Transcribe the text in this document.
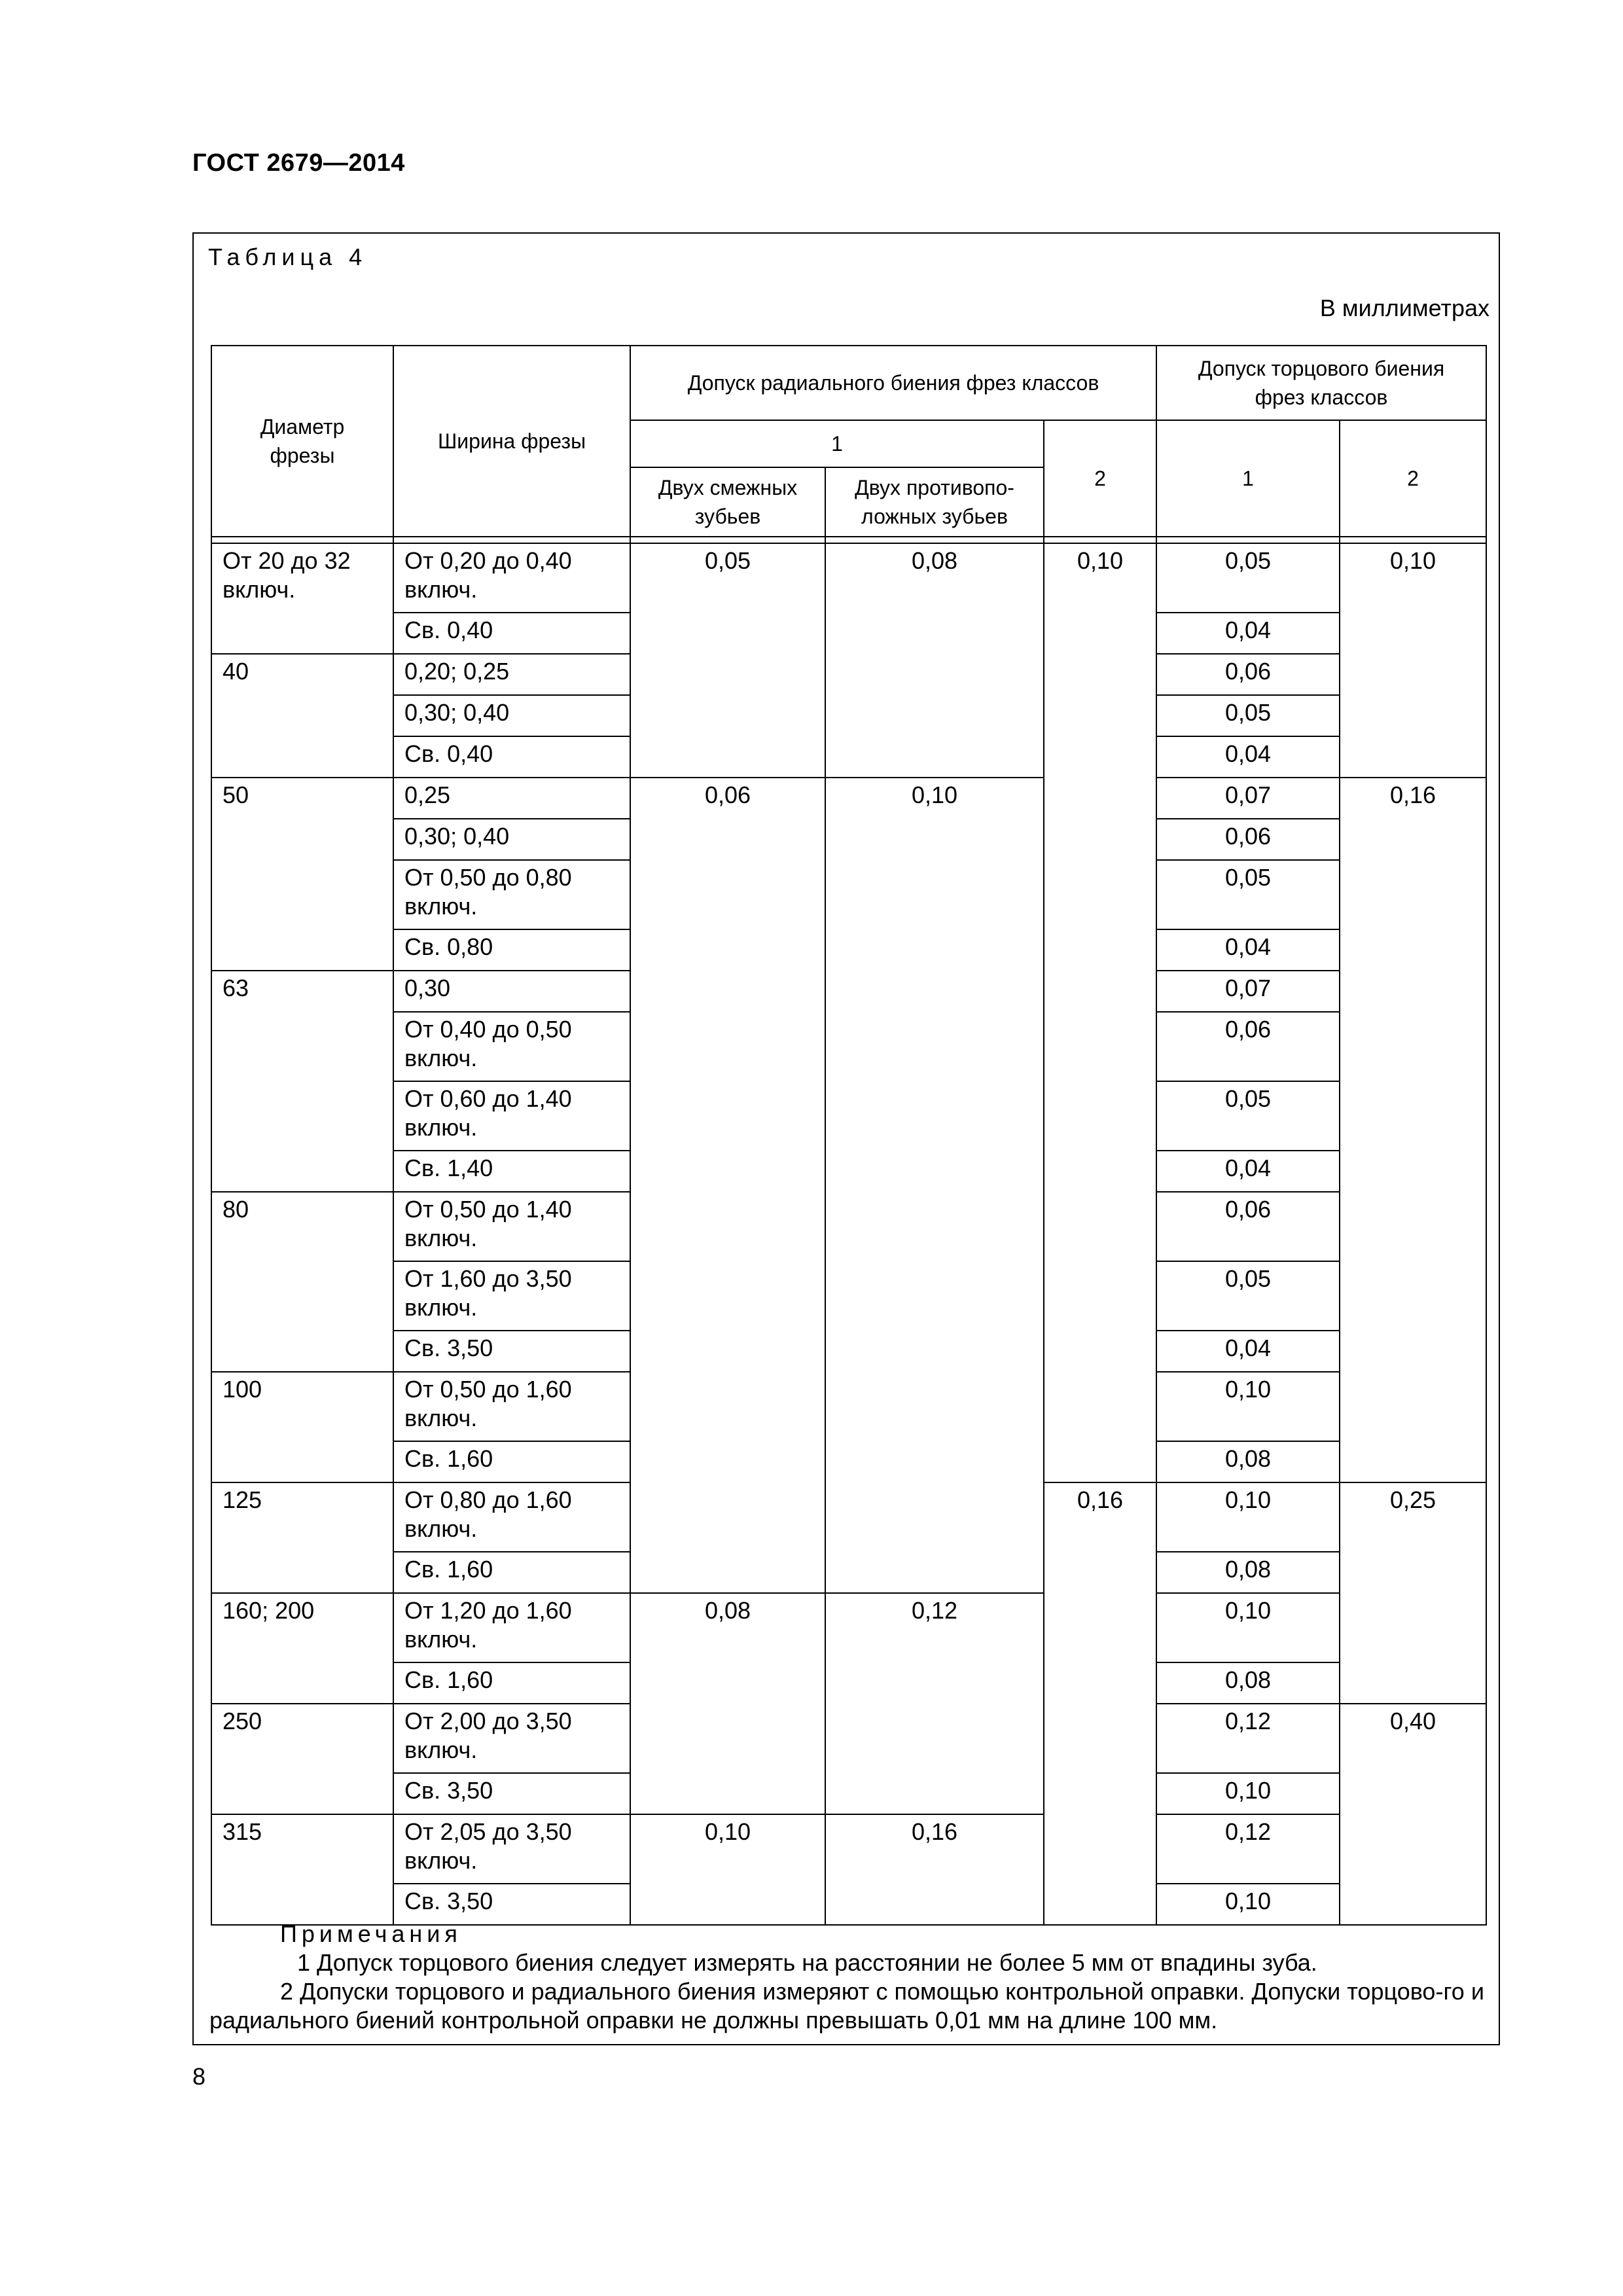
ГОСТ 2679—2014
Таблица 4
В миллиметрах
Диаметр фрезы	Ширина фрезы	Допуск радиального биения фрез классов			Допуск торцового биения фрез классов	
		1		2	1	2
		Двух смежных зубьев	Двух противопо-ложных зубьев			

От 20 до 32 включ.	От 0,20 до 0,40 включ.	0,05	0,08	0,10	0,05	0,10
	Св. 0,40				0,04	
40	0,20; 0,25				0,06	
	0,30; 0,40				0,05	
	Св. 0,40				0,04	
50	0,25	0,06	0,10		0,07	0,16
	0,30; 0,40				0,06	
	От 0,50 до 0,80 включ.				0,05	
	Св. 0,80				0,04	
63	0,30				0,07	
	От 0,40 до 0,50 включ.				0,06	
	От 0,60 до 1,40 включ.				0,05	
	Св. 1,40				0,04	
80	От 0,50 до 1,40 включ.				0,06	
	От 1,60 до 3,50 включ.				0,05	
	Св. 3,50				0,04	
100	От 0,50 до 1,60 включ.				0,10	
	Св. 1,60				0,08	
125	От 0,80 до 1,60 включ.			0,16	0,10	0,25
	Св. 1,60				0,08	
160; 200	От 1,20 до 1,60 включ.	0,08	0,12		0,10	
	Св. 1,60				0,08	
250	От 2,00 до 3,50 включ.				0,12	0,40
	Св. 3,50				0,10	
315	От 2,05 до 3,50 включ.	0,10	0,16		0,12	
	Св. 3,50				0,10	
Примечания
1 Допуск торцового биения следует измерять на расстоянии не более 5 мм от впадины зуба.
2 Допуски торцового и радиального биения измеряют с помощью контрольной оправки. Допуски торцово-го и радиального биений контрольной оправки не должны превышать 0,01 мм на длине 100 мм.
8
